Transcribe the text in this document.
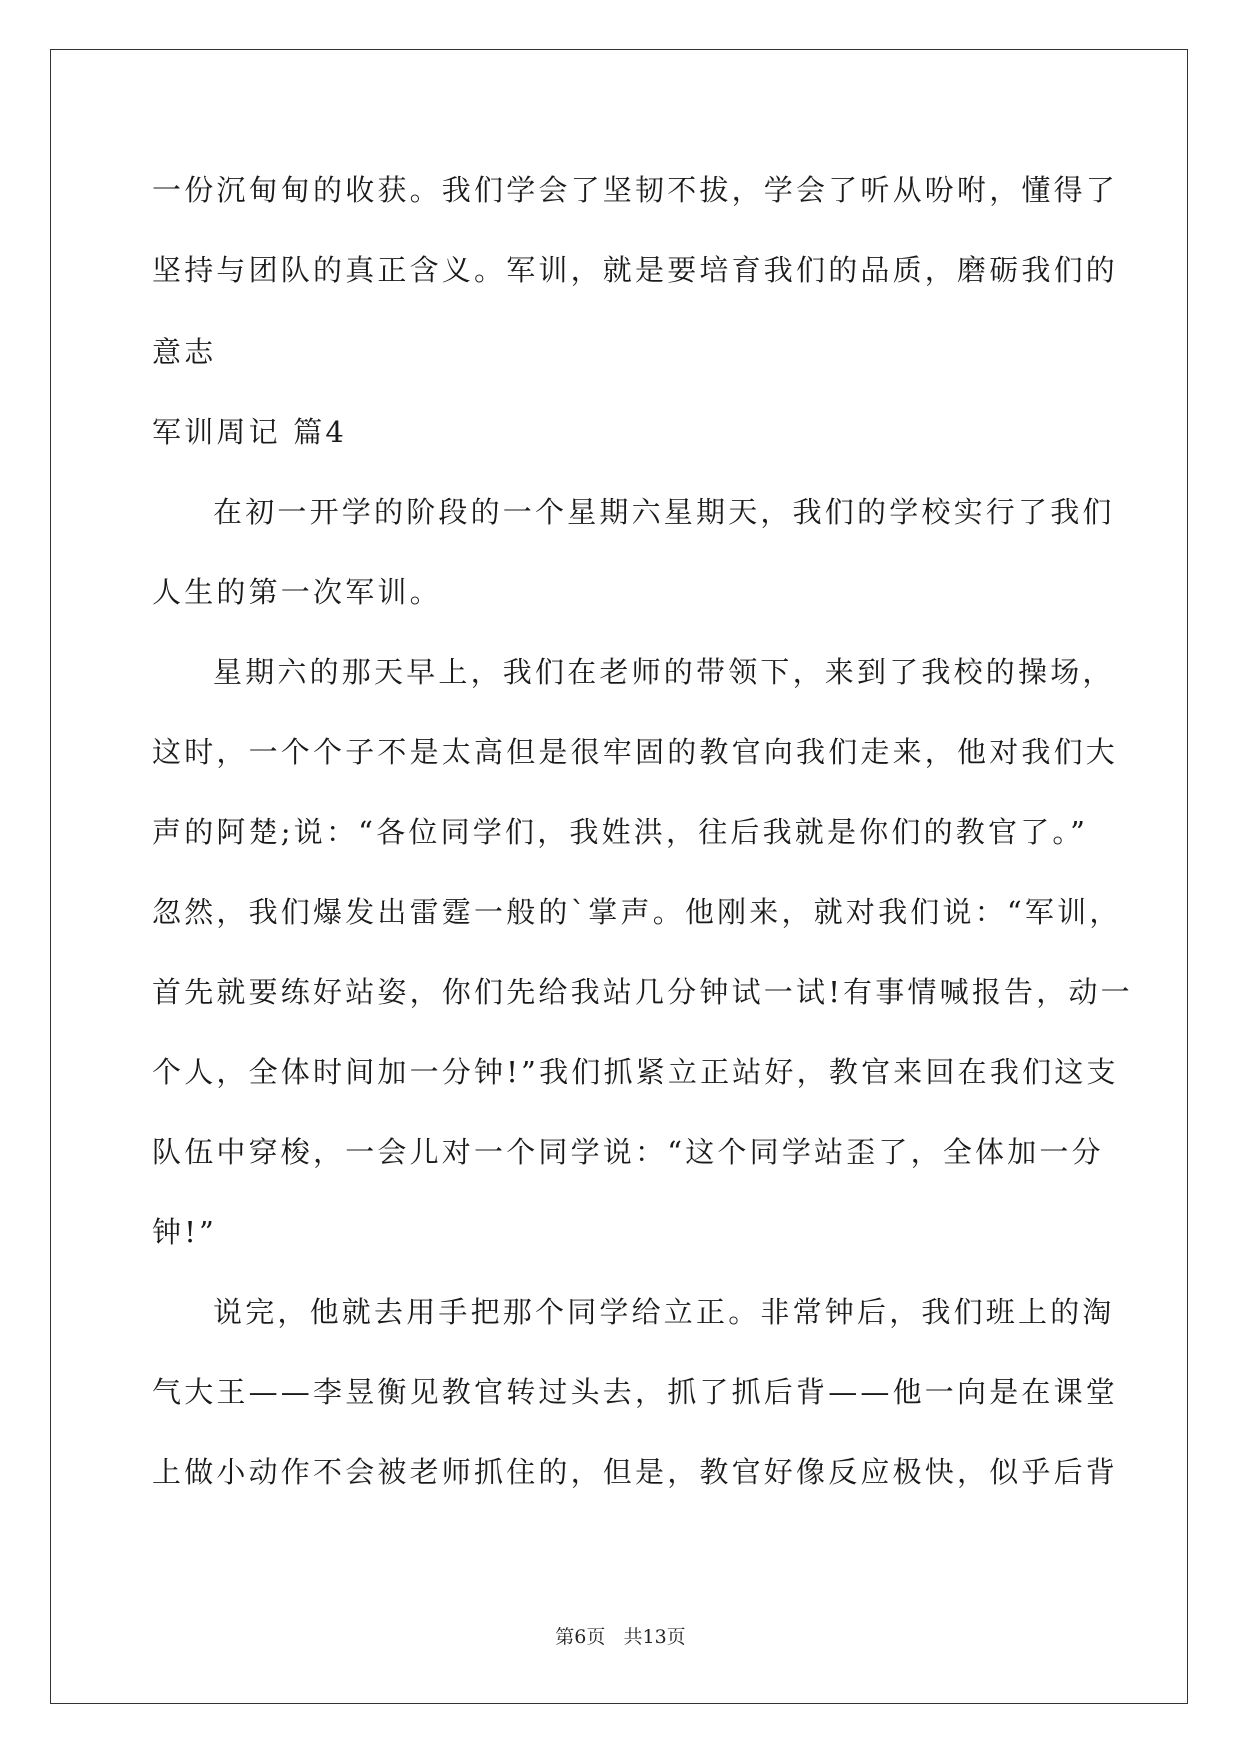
一份沉甸甸的收获。我们学会了坚韧不拔，学会了听从吩咐，懂得了
坚持与团队的真正含义。军训，就是要培育我们的品质，磨砺我们的
意志
军训周记 篇4
在初一开学的阶段的一个星期六星期天，我们的学校实行了我们
人生的第一次军训。
星期六的那天早上，我们在老师的带领下，来到了我校的操场，
这时，一个个子不是太高但是很牢固的教官向我们走来，他对我们大
声的阿楚;说：“各位同学们，我姓洪，往后我就是你们的教官了。”
忽然，我们爆发出雷霆一般的`掌声。他刚来，就对我们说：“军训，
首先就要练好站姿，你们先给我站几分钟试一试!有事情喊报告，动一
个人，全体时间加一分钟!”我们抓紧立正站好，教官来回在我们这支
队伍中穿梭，一会儿对一个同学说：“这个同学站歪了，全体加一分
钟!”
说完，他就去用手把那个同学给立正。非常钟后，我们班上的淘
气大王——李昱衡见教官转过头去，抓了抓后背——他一向是在课堂
上做小动作不会被老师抓住的，但是，教官好像反应极快，似乎后背
第6页   共13页
